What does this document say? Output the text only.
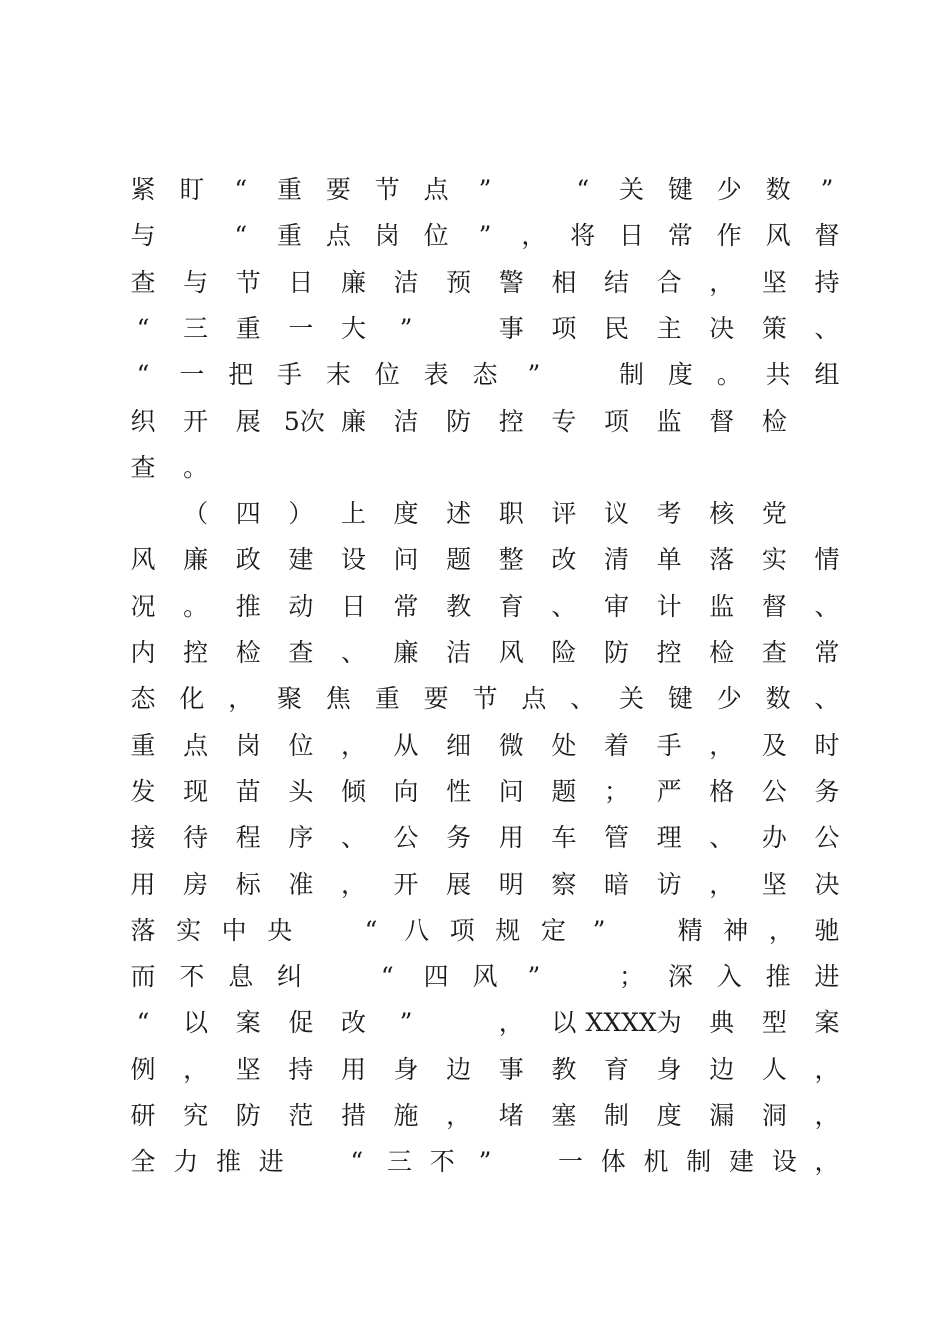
紧 盯	“	重 要 节 点	”	“	关 键 少 数	”
与	“	重 点 岗 位	”	， 将 日 常 作 风 督
查 与 节 日 廉 洁 预 警 相 结 合 ， 坚 持
“	三 重 一 大	”	事 项 民 主 决 策 、
“	一 把 手 末 位 表 态	”	制 度 。 共 组
织 开 展 5次 廉 洁 防 控 专 项 监 督 检
查 。
（ 四 ） 上 度 述 职 评 议 考 核 党
风 廉 政 建 设 问 题 整 改 清 单 落 实 情
况 。 推 动 日 常 教 育 、 审 计 监 督 、
内 控 检 查 、 廉 洁 风 险 防 控 检 查 常
态 化 ， 聚 焦 重 要 节 点 、 关 键 少 数 、
重 点 岗 位 ， 从 细 微 处 着 手 ， 及 时
发 现 苗 头 倾 向 性 问 题 ； 严 格 公 务
接 待 程 序 、 公 务 用 车 管 理 、 办 公
用 房 标 准 ， 开 展 明 察 暗 访 ， 坚 决
落 实 中 央	“	八 项 规 定	”	精 神 ， 驰
而 不 息 纠	“	四 风	”	； 深 入 推 进
“	以 案 促 改	”	， 以 XXXX 为 典 型 案
例 ， 坚 持 用 身 边 事 教 育 身 边 人 ，
研 究 防 范 措 施 ， 堵 塞 制 度 漏 洞 ，
全 力 推 进	“ 三 不 ”	一 体 机 制 建 设 ，
